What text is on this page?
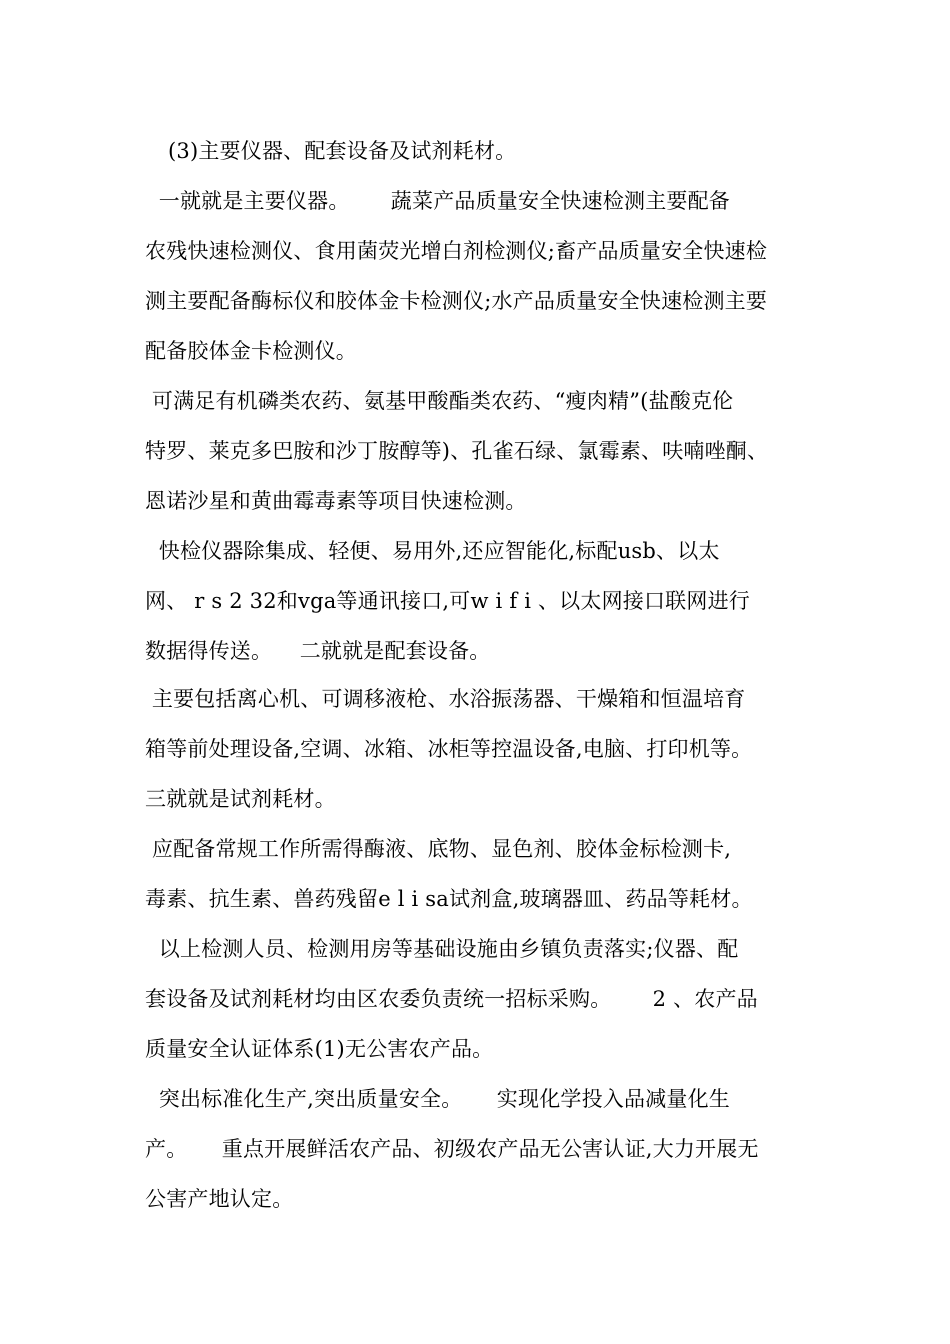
(3)主要仪器、配套设备及试剂耗材。
一就就是主要仪器。      蔬菜产品质量安全快速检测主要配备
农残快速检测仪、食用菌荧光增白剂检测仪;畜产品质量安全快速检
测主要配备酶标仪和胶体金卡检测仪;水产品质量安全快速检测主要
配备胶体金卡检测仪。
可满足有机磷类农药、氨基甲酸酯类农药、“瘦肉精”(盐酸克伦
特罗、莱克多巴胺和沙丁胺醇等)、孔雀石绿、氯霉素、呋喃唑酮、
恩诺沙星和黄曲霉毒素等项目快速检测。
快检仪器除集成、轻便、易用外,还应智能化,标配usb、以太
网、 r s 2 32和vga等通讯接口,可w i f i 、以太网接口联网进行
数据得传送。    二就就是配套设备。
主要包括离心机、可调移液枪、水浴振荡器、干燥箱和恒温培育
箱等前处理设备,空调、冰箱、冰柜等控温设备,电脑、打印机等。
三就就是试剂耗材。
应配备常规工作所需得酶液、底物、显色剂、胶体金标检测卡,
毒素、抗生素、兽药残留e l i sa试剂盒,玻璃器皿、药品等耗材。
以上检测人员、检测用房等基础设施由乡镇负责落实;仪器、配
套设备及试剂耗材均由区农委负责统一招标采购。      2 、农产品
质量安全认证体系(1)无公害农产品。
突出标准化生产,突出质量安全。     实现化学投入品减量化生
产。     重点开展鲜活农产品、初级农产品无公害认证,大力开展无
公害产地认定。
